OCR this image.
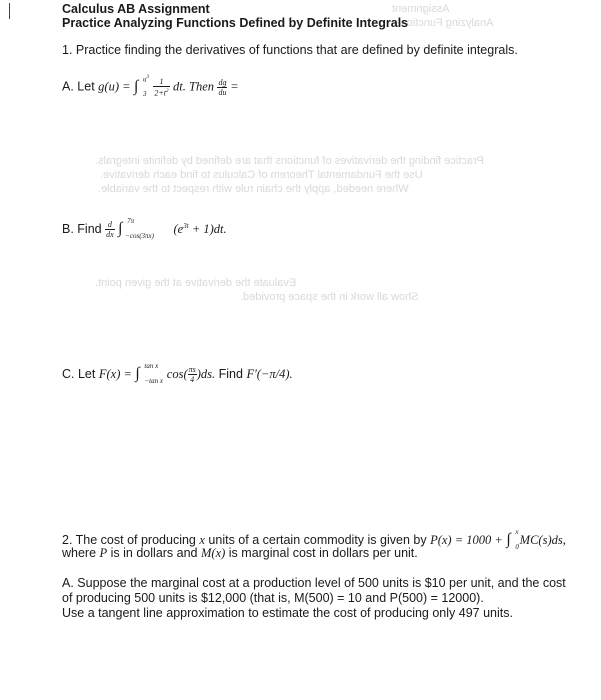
Assignment
Analyzing Functions
Practice finding the derivatives of functions that are defined by definite integrals.
Use the Fundamental Theorem of Calculus to find each derivative.
Where needed, apply the chain rule with respect to the variable.
Evaluate the derivative at the given point.
Show all work in the space provided.
Calculus AB Assignment
Practice Analyzing Functions Defined by Definite Integrals
1. Practice finding the derivatives of functions that are defined by definite integrals.
A. Let g(u) = ∫ $u^3$
3
$\frac{1}{2+t^2}$ dt. Then $\frac{dg}{du}$ =
B. Find $\frac{d}{dx}$ ∫ 7π
−cos(3πx) $(e^{3t} + 1)dt$.
C. Let F(x) = ∫ tan x
−tan x $\cos( \frac{\pi s}{4} )ds$. Find F′(−π/4).
2. The cost of producing x units of a certain commodity is given by P(x) = 1000 + ∫ x
0 MC(s)ds,
where P is in dollars and M(x) is marginal cost in dollars per unit.
A. Suppose the marginal cost at a production level of 500 units is $10 per unit, and the cost
of producing 500 units is $12,000 (that is, M(500) = 10 and P(500) = 12000).
Use a tangent line approximation to estimate the cost of producing only 497 units.
